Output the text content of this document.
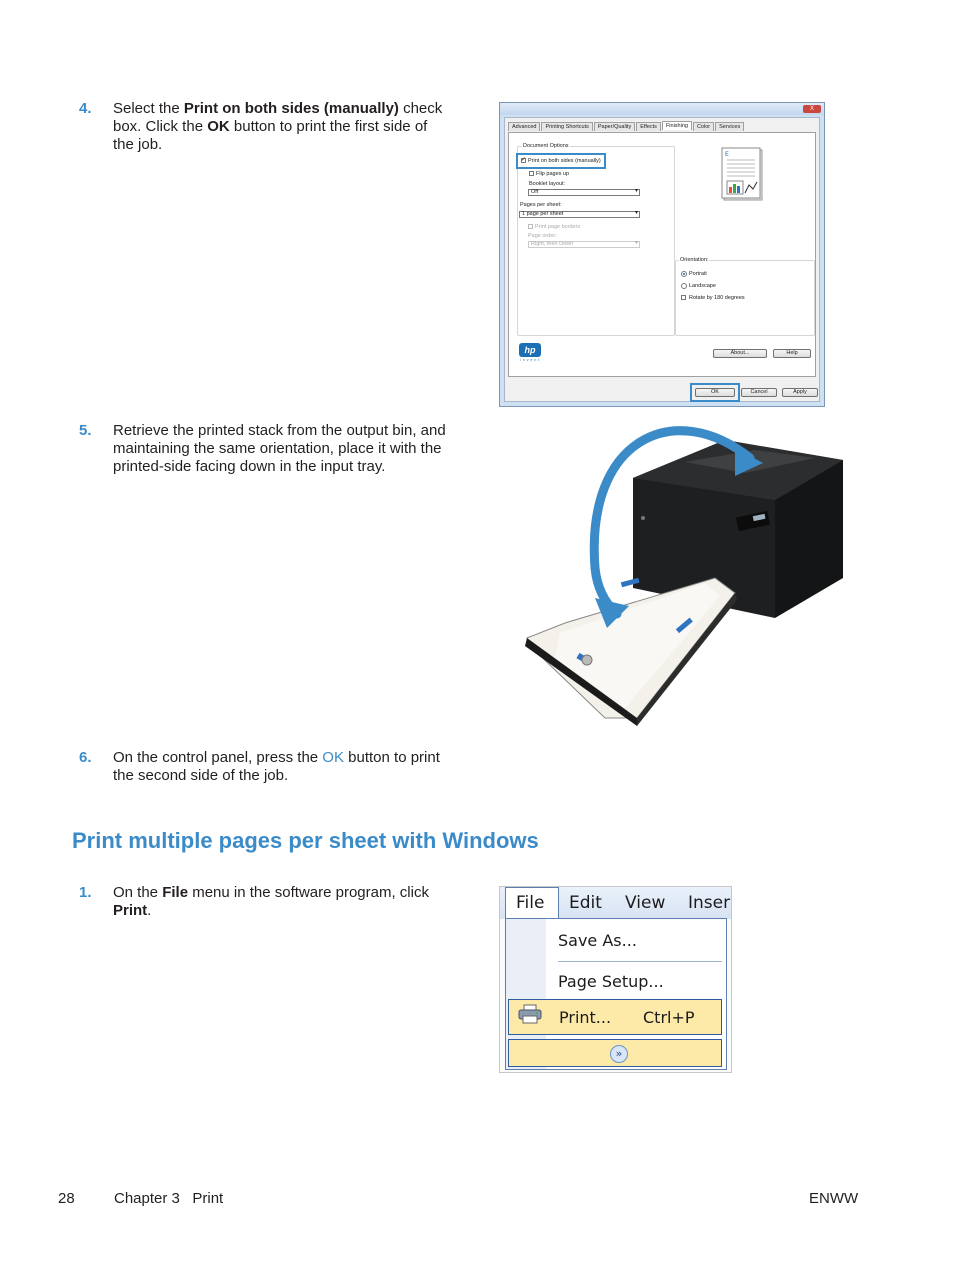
4. Select the Print on both sides (manually) check box. Click the OK button to print the first side of the job.
X
Advanced	Printing Shortcuts	Paper/Quality	Effects	Finishing	Color	Services
Document Options
✓
Print on both sides (manually)
Flip pages up
Booklet layout:
Off ▾
Pages per sheet:
1 page per sheet ▾
Print page borders
Page order:
Right, then Down ▾
E
Orientation:
Portrait
Landscape
Rotate by 180 degrees
hp
invent
About...	Help
OK	Cancel	Apply
5. Retrieve the printed stack from the output bin, and maintaining the same orientation, place it with the printed-side facing down in the input tray.
6. On the control panel, press the OK button to print the second side of the job.
Print multiple pages per sheet with Windows
1. On the File menu in the software program, click Print.	File Edit View Inser
Save As...
Page Setup...
Print... Ctrl+P
»
28	Chapter 3   Print	ENWW
